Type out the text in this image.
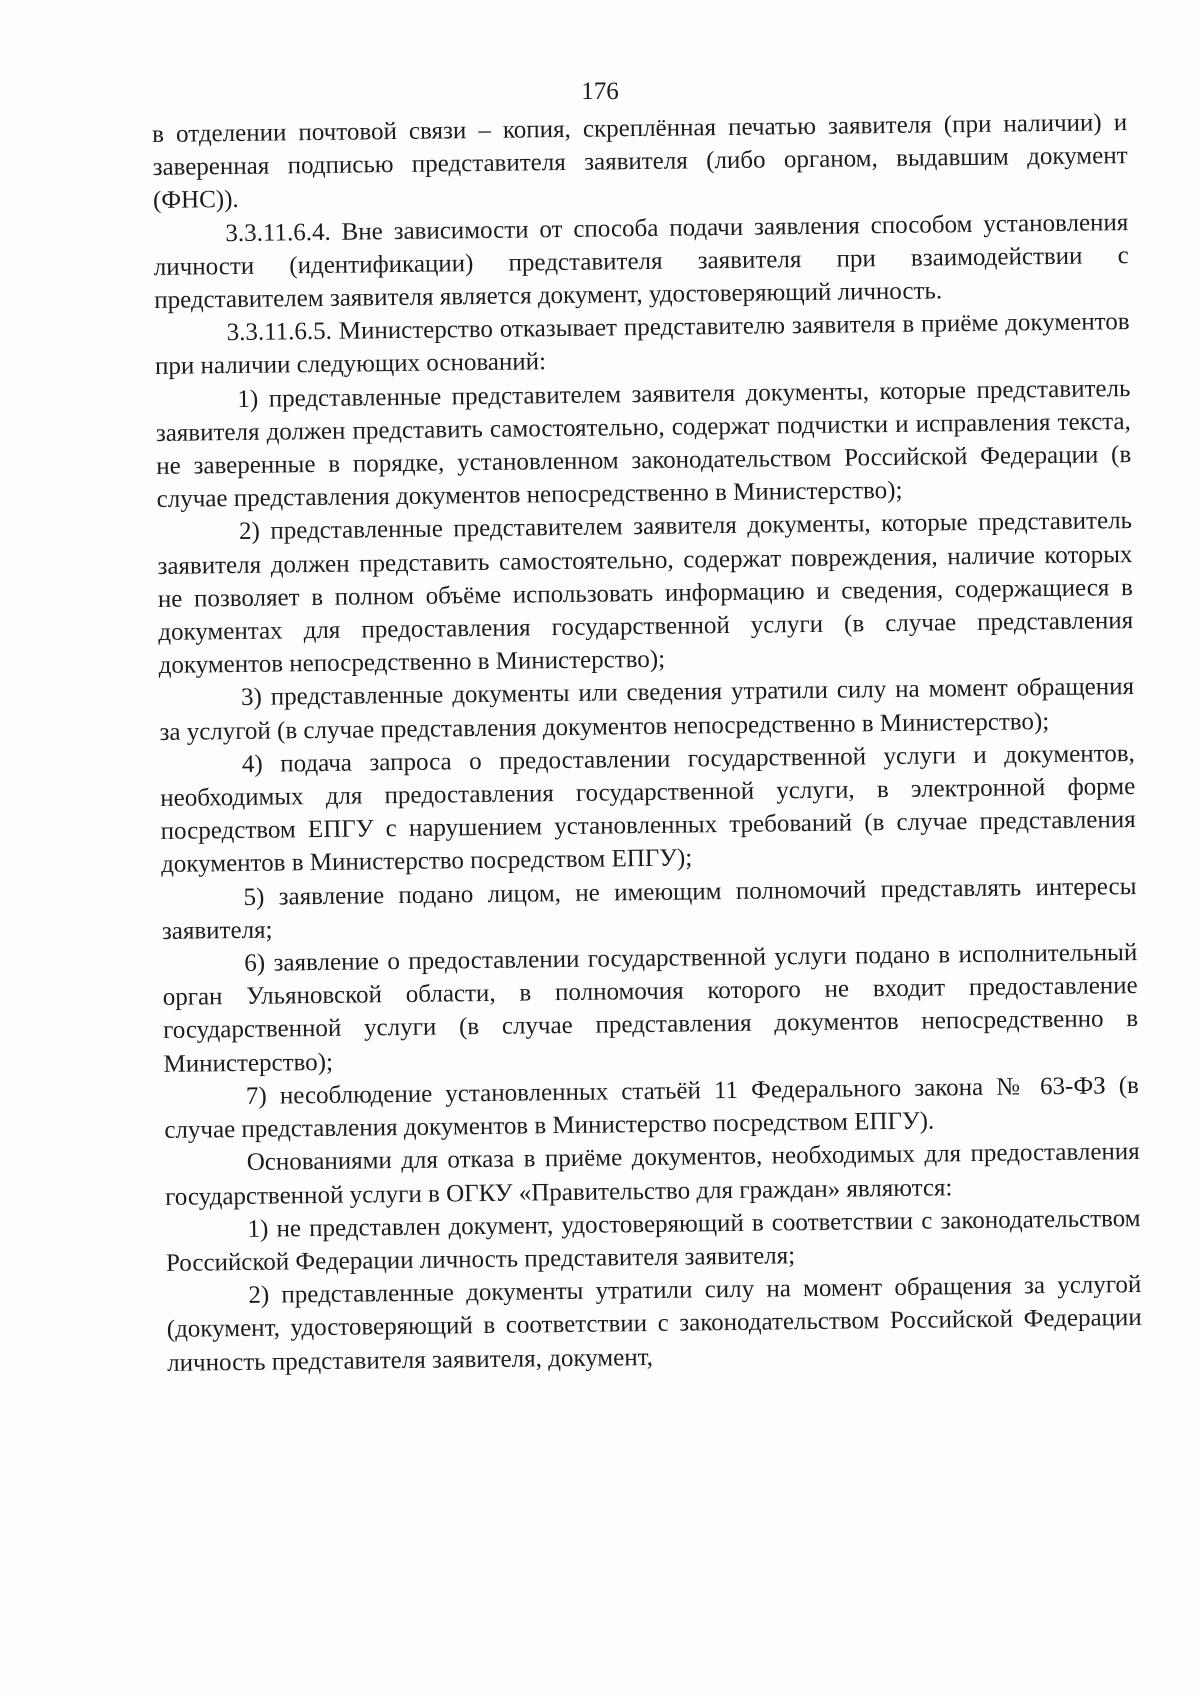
176

в отделении почтовой связи – копия, скреплённая печатью заявителя (при наличии) и заверенная подписью представителя заявителя (либо органом, выдавшим документ (ФНС)).

3.3.11.6.4. Вне зависимости от способа подачи заявления способом установления личности (идентификации) представителя заявителя при взаимодействии с представителем заявителя является документ, удостоверяющий личность.

3.3.11.6.5. Министерство отказывает представителю заявителя в приёме документов при наличии следующих оснований:

1) представленные представителем заявителя документы, которые представитель заявителя должен представить самостоятельно, содержат подчистки и исправления текста, не заверенные в порядке, установленном законодательством Российской Федерации (в случае представления документов непосредственно в Министерство);

2) представленные представителем заявителя документы, которые представитель заявителя должен представить самостоятельно, содержат повреждения, наличие которых не позволяет в полном объёме использовать информацию и сведения, содержащиеся в документах для предоставления государственной услуги (в случае представления документов непосредственно в Министерство);

3) представленные документы или сведения утратили силу на момент обращения за услугой (в случае представления документов непосредственно в Министерство);

4) подача запроса о предоставлении государственной услуги и документов, необходимых для предоставления государственной услуги, в электронной форме посредством ЕПГУ с нарушением установленных требований (в случае представления документов в Министерство посредством ЕПГУ);

5) заявление подано лицом, не имеющим полномочий представлять интересы заявителя;

6) заявление о предоставлении государственной услуги подано в исполнительный орган Ульяновской области, в полномочия которого не входит предоставление государственной услуги (в случае представления документов непосредственно в Министерство);

7) несоблюдение установленных статьёй 11 Федерального закона № 63-ФЗ (в случае представления документов в Министерство посредством ЕПГУ).

Основаниями для отказа в приёме документов, необходимых для предоставления государственной услуги в ОГКУ «Правительство для граждан» являются:

1) не представлен документ, удостоверяющий в соответствии с законодательством Российской Федерации личность представителя заявителя;

2) представленные документы утратили силу на момент обращения за услугой (документ, удостоверяющий в соответствии с законодательством Российской Федерации личность представителя заявителя, документ,
